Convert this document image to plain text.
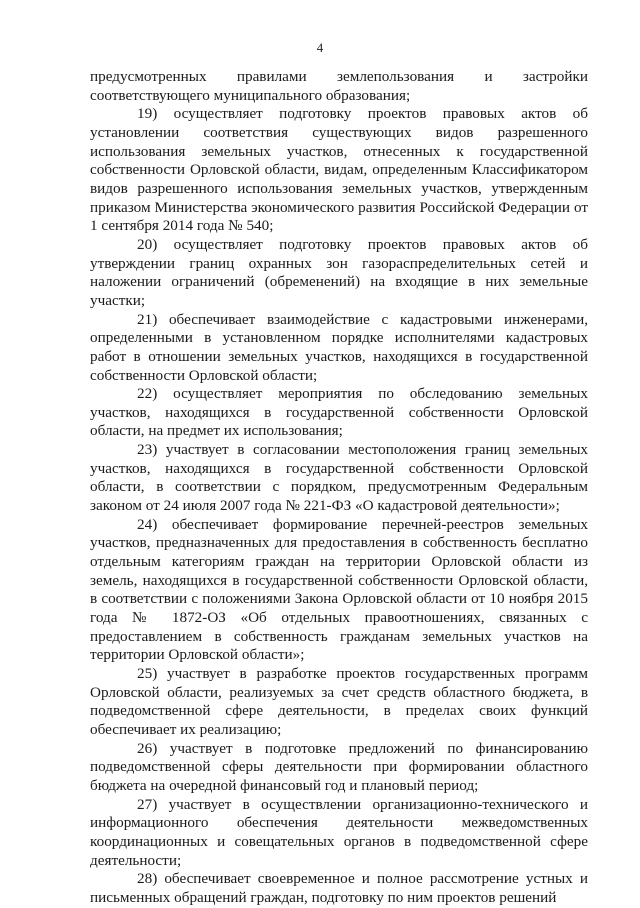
4

предусмотренных правилами землепользования и застройки соответствующего муниципального образования;

19) осуществляет подготовку проектов правовых актов об установлении соответствия существующих видов разрешенного использования земельных участков, отнесенных к государственной собственности Орловской области, видам, определенным Классификатором видов разрешенного использования земельных участков, утвержденным приказом Министерства экономического развития Российской Федерации от 1 сентября 2014 года № 540;

20) осуществляет подготовку проектов правовых актов об утверждении границ охранных зон газораспределительных сетей и наложении ограничений (обременений) на входящие в них земельные участки;

21) обеспечивает взаимодействие с кадастровыми инженерами, определенными в установленном порядке исполнителями кадастровых работ в отношении земельных участков, находящихся в государственной собственности Орловской области;

22) осуществляет мероприятия по обследованию земельных участков, находящихся в государственной собственности Орловской области, на предмет их использования;

23) участвует в согласовании местоположения границ земельных участков, находящихся в государственной собственности Орловской области, в соответствии с порядком, предусмотренным Федеральным законом от 24 июля 2007 года № 221-ФЗ «О кадастровой деятельности»;

24) обеспечивает формирование перечней-реестров земельных участков, предназначенных для предоставления в собственность бесплатно отдельным категориям граждан на территории Орловской области из земель, находящихся в государственной собственности Орловской области, в соответствии с положениями Закона Орловской области от 10 ноября 2015 года № 1872-ОЗ «Об отдельных правоотношениях, связанных с предоставлением в собственность гражданам земельных участков на территории Орловской области»;

25) участвует в разработке проектов государственных программ Орловской области, реализуемых за счет средств областного бюджета, в подведомственной сфере деятельности, в пределах своих функций обеспечивает их реализацию;

26) участвует в подготовке предложений по финансированию подведомственной сферы деятельности при формировании областного бюджета на очередной финансовый год и плановый период;

27) участвует в осуществлении организационно-технического и информационного обеспечения деятельности межведомственных координационных и совещательных органов в подведомственной сфере деятельности;

28) обеспечивает своевременное и полное рассмотрение устных и письменных обращений граждан, подготовку по ним проектов решений
